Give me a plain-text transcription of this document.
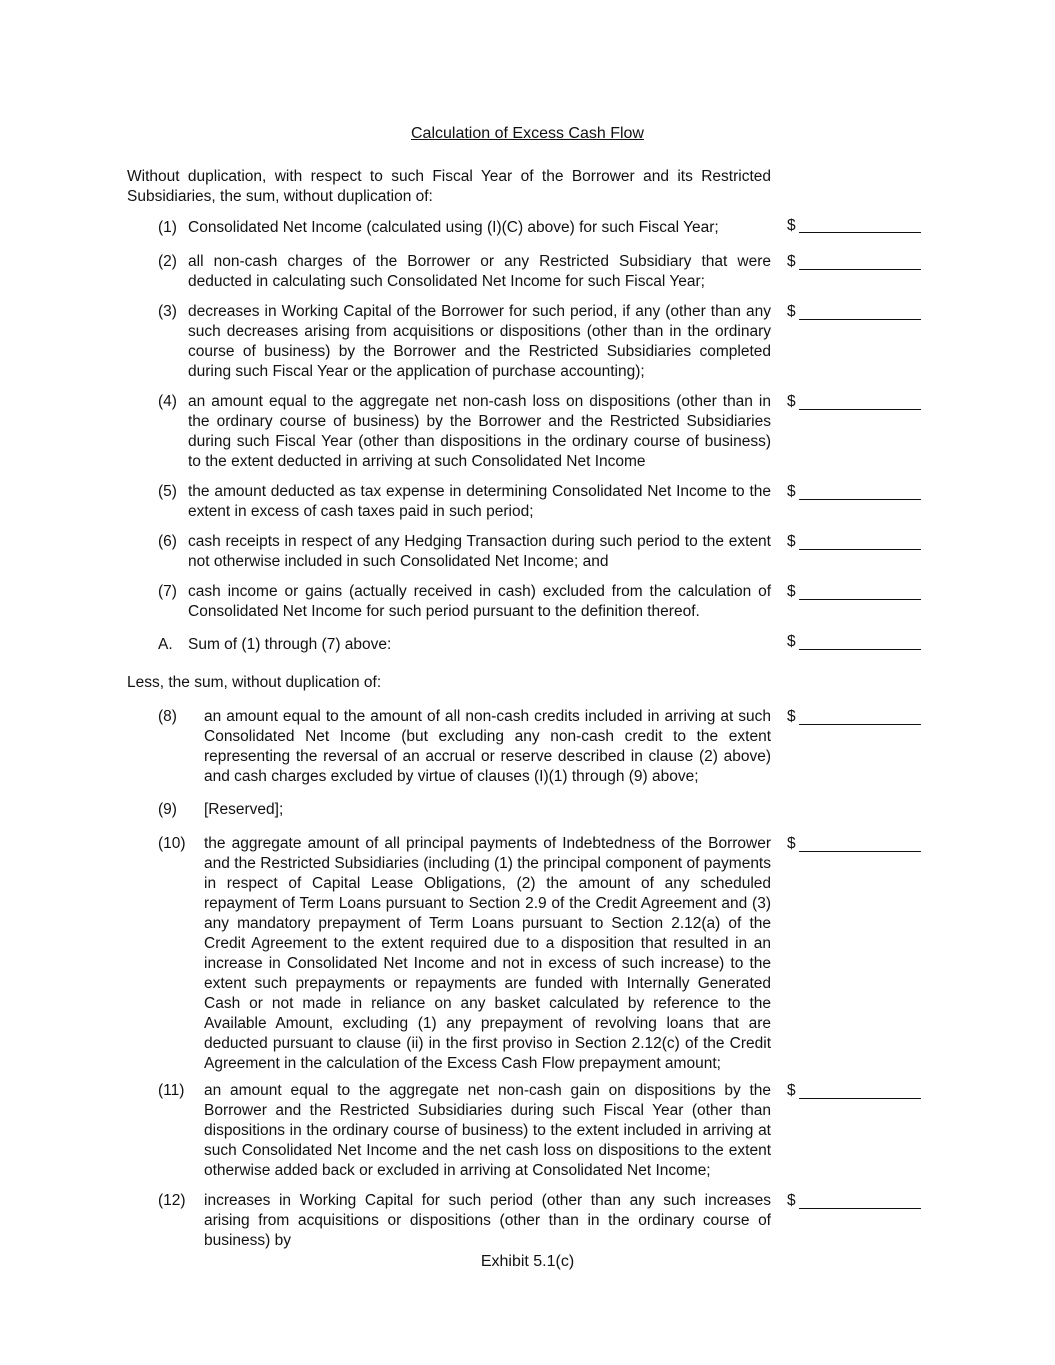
Calculation of Excess Cash Flow
Without duplication, with respect to such Fiscal Year of the Borrower and its Restricted Subsidiaries, the sum, without duplication of:
(1) Consolidated Net Income (calculated using (I)(C) above) for such Fiscal Year;	$
(2) all non-cash charges of the Borrower or any Restricted Subsidiary that were deducted in calculating such Consolidated Net Income for such Fiscal Year;
$
(3) decreases in Working Capital of the Borrower for such period, if any (other than any such decreases arising from acquisitions or dispositions (other than in the ordinary course of business) by the Borrower and the Restricted Subsidiaries completed during such Fiscal Year or the application of purchase accounting);
$
(4) an amount equal to the aggregate net non-cash loss on dispositions (other than in the ordinary course of business) by the Borrower and the Restricted Subsidiaries during such Fiscal Year (other than dispositions in the ordinary course of business) to the extent deducted in arriving at such Consolidated Net Income
$
(5) the amount deducted as tax expense in determining Consolidated Net Income to the extent in excess of cash taxes paid in such period;
$
(6) cash receipts in respect of any Hedging Transaction during such period to the extent not otherwise included in such Consolidated Net Income; and
$
(7) cash income or gains (actually received in cash) excluded from the calculation of Consolidated Net Income for such period pursuant to the definition thereof.
$
A. Sum of (1) through (7) above:	$
Less, the sum, without duplication of:
(8) an amount equal to the amount of all non-cash credits included in arriving at such Consolidated Net Income (but excluding any non-cash credit to the extent representing the reversal of an accrual or reserve described in clause (2) above) and cash charges excluded by virtue of clauses (I)(1) through (9) above;
$
(9) [Reserved];
(10) the aggregate amount of all principal payments of Indebtedness of the Borrower and the Restricted Subsidiaries (including (1) the principal component of payments in respect of Capital Lease Obligations, (2) the amount of any scheduled repayment of Term Loans pursuant to Section 2.9 of the Credit Agreement and (3) any mandatory prepayment of Term Loans pursuant to Section 2.12(a) of the Credit Agreement to the extent required due to a disposition that resulted in an increase in Consolidated Net Income and not in excess of such increase) to the extent such prepayments or repayments are funded with Internally Generated Cash or not made in reliance on any basket calculated by reference to the Available Amount, excluding (1) any prepayment of revolving loans that are deducted pursuant to clause (ii) in the first proviso in Section 2.12(c) of the Credit Agreement in the calculation of the Excess Cash Flow prepayment amount;
$
(11) an amount equal to the aggregate net non-cash gain on dispositions by the Borrower and the Restricted Subsidiaries during such Fiscal Year (other than dispositions in the ordinary course of business) to the extent included in arriving at such Consolidated Net Income and the net cash loss on dispositions to the extent otherwise added back or excluded in arriving at Consolidated Net Income;
$
(12) increases in Working Capital for such period (other than any such increases arising from acquisitions or dispositions (other than in the ordinary course of business) by
$
Exhibit 5.1(c)
